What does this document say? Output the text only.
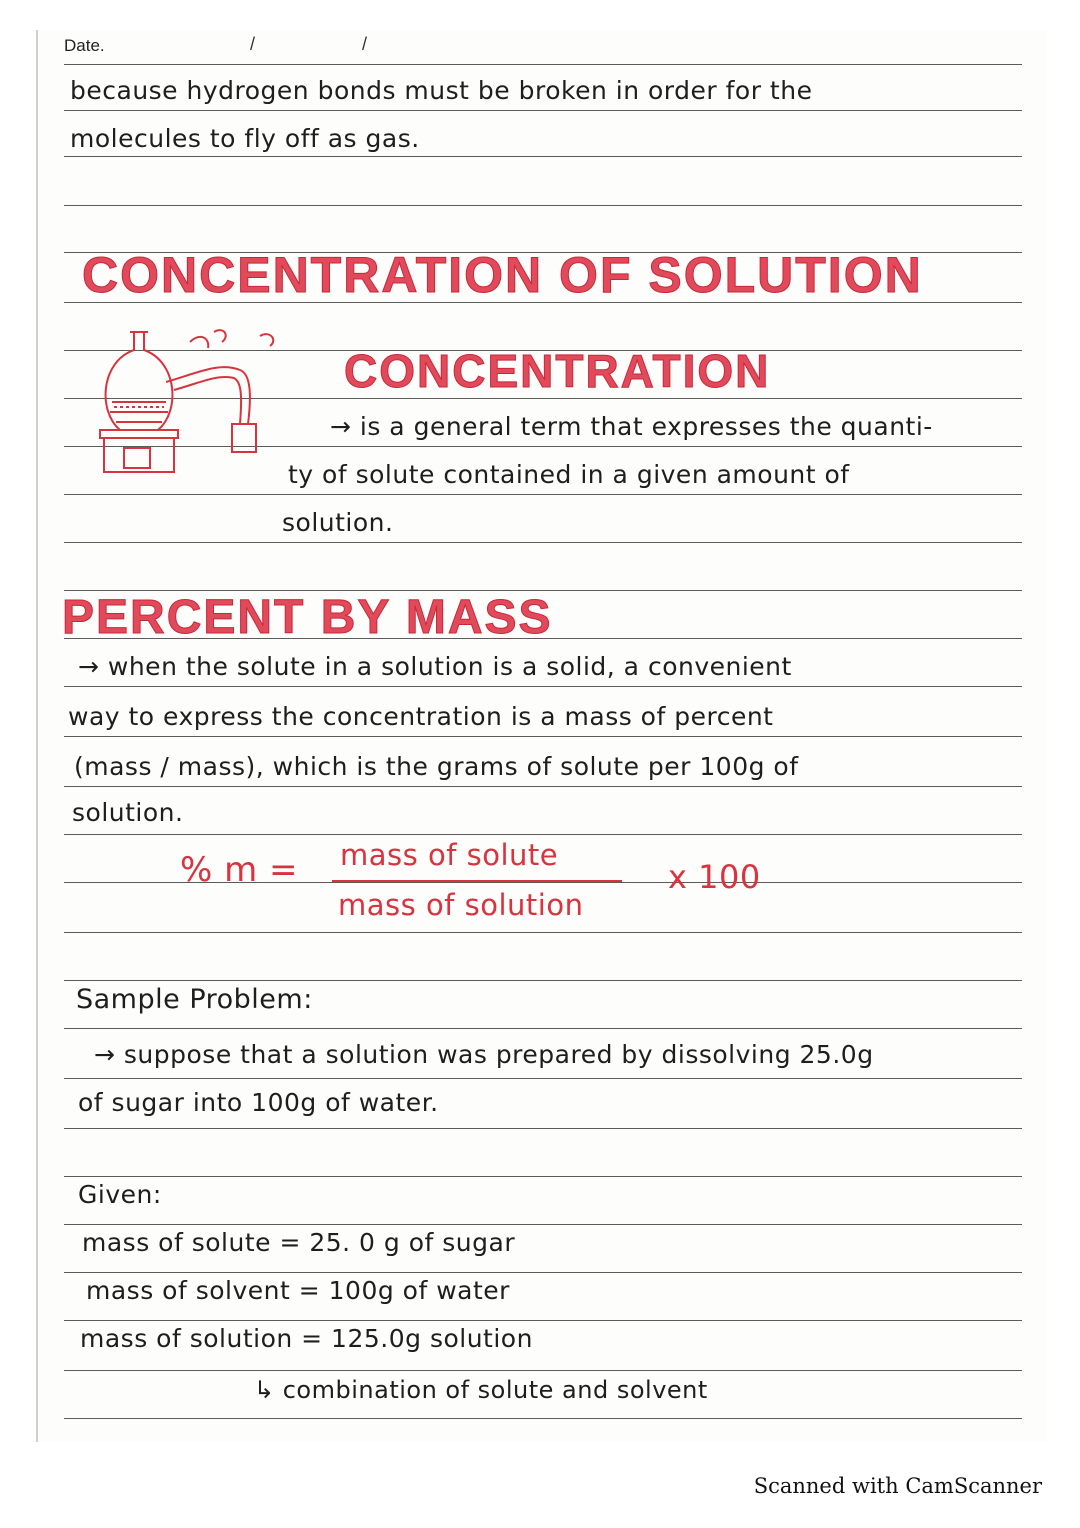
Date.	/	/
because hydrogen bonds must be broken in order for the
molecules to fly off as gas.
CONCENTRATION OF SOLUTION
CONCENTRATION
→ is a general term that expresses the quanti-
ty of solute contained in a given amount of
solution.
PERCENT BY MASS
→ when the solute in a solution is a solid, a convenient
way to express the concentration is a mass of percent
(mass / mass), which is the grams of solute per 100g of
solution.
% m = mass of solute
mass of solution
x 100
Sample Problem:
→ suppose that a solution was prepared by dissolving 25.0g
of sugar into 100g of water.
Given:
mass of solute = 25. 0 g of sugar
mass of solvent = 100g of water
mass of solution = 125.0g solution
↳ combination of solute and solvent
Scanned with CamScanner
